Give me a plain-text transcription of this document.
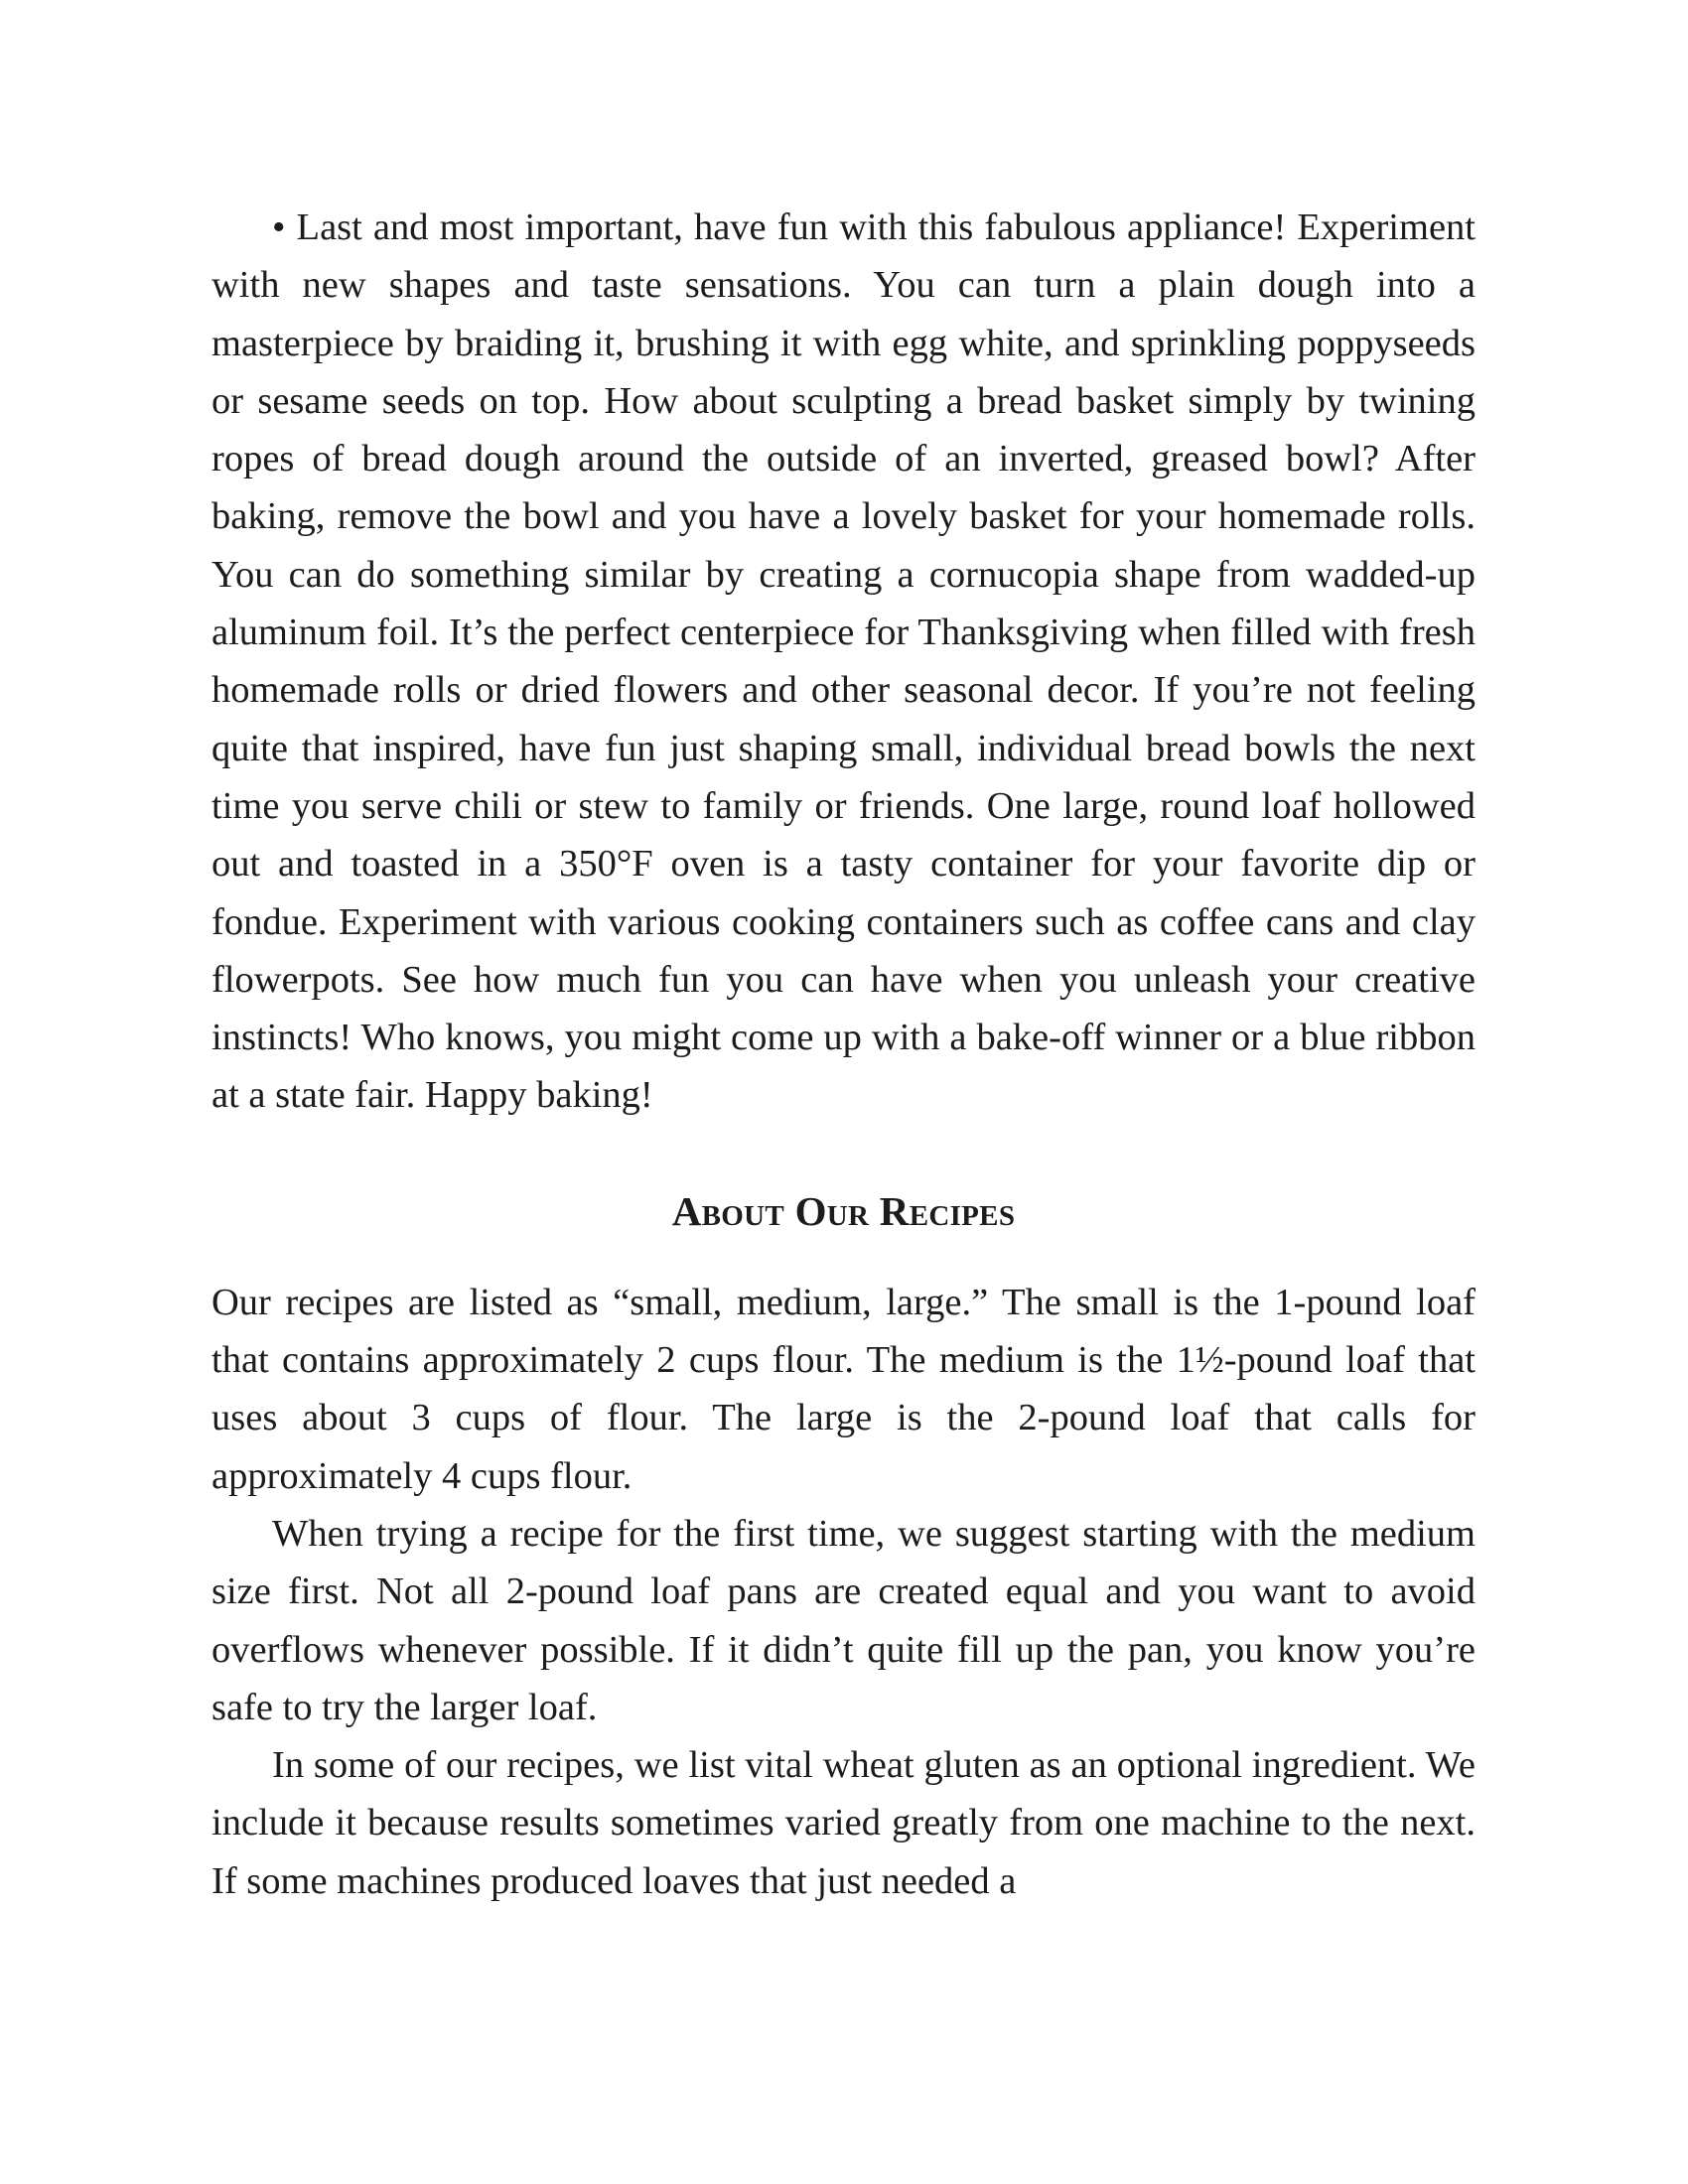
• Last and most important, have fun with this fabulous appliance! Experiment with new shapes and taste sensations. You can turn a plain dough into a masterpiece by braiding it, brushing it with egg white, and sprinkling poppyseeds or sesame seeds on top. How about sculpting a bread basket simply by twining ropes of bread dough around the outside of an inverted, greased bowl? After baking, remove the bowl and you have a lovely basket for your homemade rolls. You can do something similar by creating a cornucopia shape from wadded-up aluminum foil. It’s the perfect centerpiece for Thanksgiving when filled with fresh homemade rolls or dried flowers and other seasonal decor. If you’re not feeling quite that inspired, have fun just shaping small, individual bread bowls the next time you serve chili or stew to family or friends. One large, round loaf hollowed out and toasted in a 350°F oven is a tasty container for your favorite dip or fondue. Experiment with various cooking containers such as coffee cans and clay flowerpots. See how much fun you can have when you unleash your creative instincts! Who knows, you might come up with a bake-off winner or a blue ribbon at a state fair. Happy baking!

About Our Recipes

Our recipes are listed as “small, medium, large.” The small is the 1-pound loaf that contains approximately 2 cups flour. The medium is the 1½-pound loaf that uses about 3 cups of flour. The large is the 2-pound loaf that calls for approximately 4 cups flour.

When trying a recipe for the first time, we suggest starting with the medium size first. Not all 2-pound loaf pans are created equal and you want to avoid overflows whenever possible. If it didn’t quite fill up the pan, you know you’re safe to try the larger loaf.

In some of our recipes, we list vital wheat gluten as an optional ingredient. We include it because results sometimes varied greatly from one machine to the next. If some machines produced loaves that just needed a
